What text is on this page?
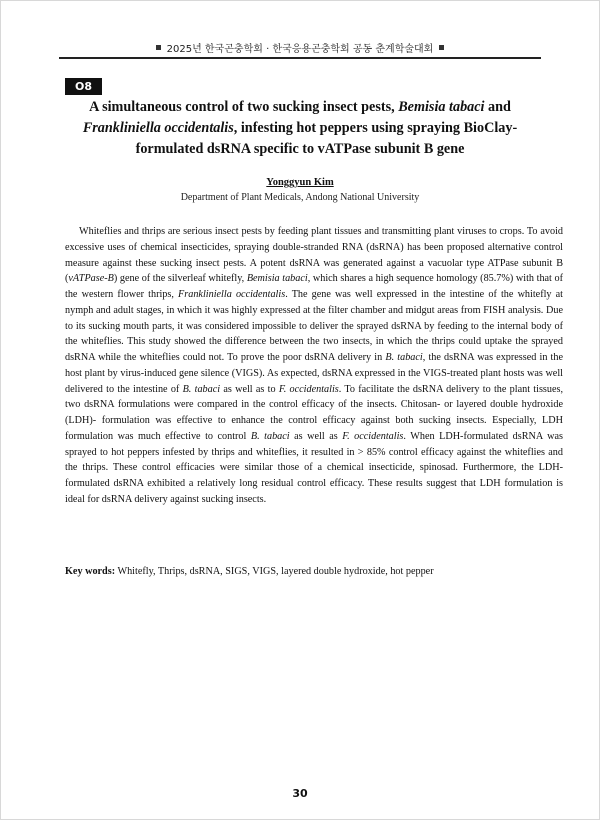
2025년 한국곤충학회 · 한국응용곤충학회 공동 춘계학술대회
O8
A simultaneous control of two sucking insect pests, Bemisia tabaci and
Frankliniella occidentalis, infesting hot peppers using spraying BioClay-formulated dsRNA specific to vATPase subunit B gene
Yonggyun Kim
Department of Plant Medicals, Andong National University

Whiteflies and thrips are serious insect pests by feeding plant tissues and transmitting plant viruses to crops. To avoid excessive uses of chemical insecticides, spraying double-stranded RNA (dsRNA) has been proposed alternative control measure against these sucking insect pests. A potent dsRNA was generated against a vacuolar type ATPase subunit B (vATPase-B) gene of the silverleaf whitefly, Bemisia tabaci, which shares a high sequence homology (85.7%) with that of the western flower thrips, Frankliniella occidentalis. The gene was well expressed in the intestine of the whitefly at nymph and adult stages, in which it was highly expressed at the filter chamber and midgut areas from FISH analysis. Due to its sucking mouth parts, it was considered impossible to deliver the sprayed dsRNA by feeding to the internal body of the whiteflies. This study showed the difference between the two insects, in which the thrips could uptake the sprayed dsRNA while the whiteflies could not. To prove the poor dsRNA delivery in B. tabaci, the dsRNA was expressed in the host plant by virus-induced gene silence (VIGS). As expected, dsRNA expressed in the VIGS-treated plant hosts was well delivered to the intestine of B. tabaci as well as to F. occidentalis. To facilitate the dsRNA delivery to the plant tissues, two dsRNA formulations were compared in the control efficacy of the insects. Chitosan- or layered double hydroxide (LDH)- formulation was effective to enhance the control efficacy against both sucking insects. Especially, LDH formulation was much effective to control B. tabaci as well as F. occidentalis. When LDH-formulated dsRNA was sprayed to hot peppers infested by thrips and whiteflies, it resulted in > 85% control efficacy against the whiteflies and the thrips. These control efficacies were similar those of a chemical insecticide, spinosad. Furthermore, the LDH-formulated dsRNA exhibited a relatively long residual control efficacy. These results suggest that LDH formulation is ideal for dsRNA delivery against sucking insects.

Key words: Whitefly, Thrips, dsRNA, SIGS, VIGS, layered double hydroxide, hot pepper
30
